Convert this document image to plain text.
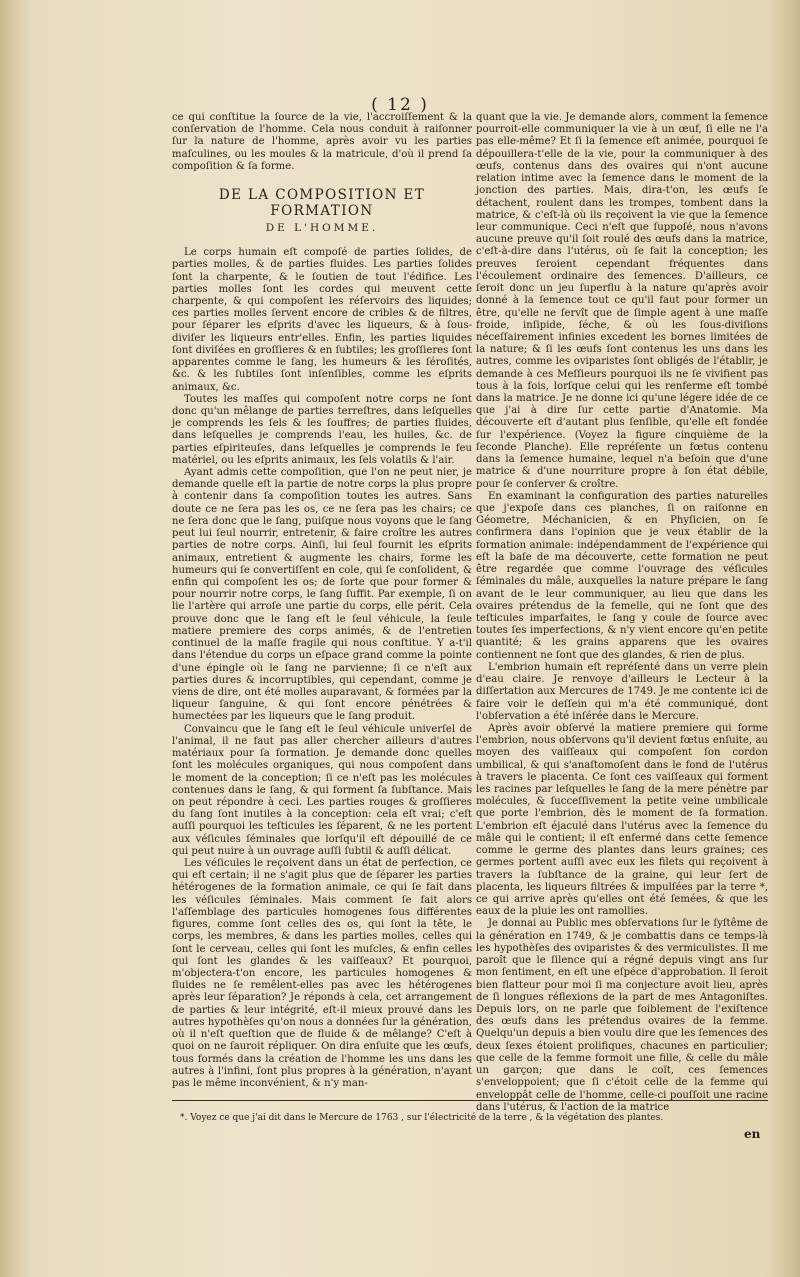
( 12 )

ce qui conſtitue la ſource de la vie, l'accroiſſement & la conſervation de l'homme. Cela nous conduit à raiſonner ſur la nature de l'homme, après avoir vu les parties maſculines, ou les moules & la matricule, d'où il prend ſa compoſition & ſa forme.

DE LA COMPOSITION ET FORMATION
DE L'HOMME.

Le corps humain eſt compoſé de parties ſolides, de parties molles, & de parties fluides. Les parties ſolides ſont la charpente, & le ſoutien de tout l'édifice. Les parties molles ſont les cordes qui meuvent cette charpente, & qui compoſent les réſervoirs des liquides; ces parties molles ſervent encore de cribles & de filtres, pour ſéparer les eſprits d'avec les liqueurs, & à ſous-diviſer les liqueurs entr'elles. Enfin, les parties liquides ſont diviſées en groſſieres & en ſubtiles; les groſſieres ſont apparentes comme le ſang, les humeurs & les ſéroſités, &c. & les ſubtiles ſont inſenſibles, comme les eſprits animaux, &c.

Toutes les maſſes qui compoſent notre corps ne ſont donc qu'un mêlange de parties terreſtres, dans leſquelles je comprends les ſels & les ſouffres; de parties fluides, dans leſquelles je comprends l'eau, les huiles, &c. de parties eſpiriteuſes, dans leſquelles je comprends le feu matériel, ou les eſprits animaux, les ſels volatils & l'air.

Ayant admis cette compoſition, que l'on ne peut nier, je demande quelle eſt la partie de notre corps la plus propre à contenir dans ſa compoſition toutes les autres. Sans doute ce ne ſera pas les os, ce ne ſera pas les chairs; ce ne ſera donc que le ſang, puiſque nous voyons que le ſang peut lui ſeul nourrir, entretenir, & faire croître les autres parties de notre corps. Ainſi, lui ſeul fournit les eſprits animaux, entretient & augmente les chairs, forme les humeurs qui ſe convertiſſent en cole, qui ſe conſolident, & enfin qui compoſent les os; de ſorte que pour former & pour nourrir notre corps, le ſang ſuffit. Par exemple, ſi on lie l'artère qui arroſe une partie du corps, elle périt. Cela prouve donc que le ſang eſt le ſeul véhicule, la ſeule matiere premiere des corps animés, & de l'entretien continuel de la maſſe fragile qui nous conſtitue. Y a-t'il dans l'étendue du corps un eſpace grand comme la pointe d'une épingle où le ſang ne parvienne; ſi ce n'eſt aux parties dures & incorruptibles, qui cependant, comme je viens de dire, ont été molles auparavant, & formées par la liqueur ſanguine, & qui ſont encore pénétrées & humectées par les liqueurs que le ſang produit.

Convaincu que le ſang eſt le ſeul véhicule univerſel de l'animal, il ne faut pas aller chercher ailleurs d'autres matériaux pour ſa formation. Je demande donc quelles ſont les molécules organiques, qui nous compoſent dans le moment de la conception; ſi ce n'eſt pas les molécules contenues dans le ſang, & qui forment ſa ſubſtance. Mais on peut répondre à ceci. Les parties rouges & groſſieres du ſang ſont inutiles à la conception: cela eſt vrai; c'eſt auſſi pourquoi les teſticules les ſéparent, & ne les portent aux véſicules ſéminales que lorſqu'il eſt dépouillé de ce qui peut nuire à un ouvrage auſſi ſubtil & auſſi délicat.

Les véſicules le reçoivent dans un état de perfection, ce qui eſt certain; il ne s'agit plus que de ſéparer les parties hétérogenes de la formation animale, ce qui ſe fait dans les véſicules ſéminales. Mais comment ſe fait alors l'aſſemblage des particules homogenes ſous différentes figures, comme ſont celles des os, qui ſont la tête, le corps, les membres, & dans les parties molles, celles qui ſont le cerveau, celles qui ſont les muſcles, & enfin celles qui ſont les glandes & les vaiſſeaux? Et pourquoi, m'objectera-t'on encore, les particules homogenes & fluides ne ſe remêlent-elles pas avec les hétérogenes après leur ſéparation? Je réponds à cela, cet arrangement de parties & leur intégrité, eſt-il mieux prouvé dans les autres hypothèſes qu'on nous a données ſur la génération, où il n'eſt queſtion que de fluide & de mêlange? C'eſt à quoi on ne ſauroit répliquer. On dira enſuite que les œufs, tous formés dans la création de l'homme les uns dans les autres à l'infini, ſont plus propres à la génération, n'ayant pas le même inconvénient, & n'y man-

quant que la vie. Je demande alors, comment la ſemence pourroit-elle communiquer la vie à un œuf, ſi elle ne l'a pas elle-même? Et ſi la ſemence eſt animée, pourquoi ſe dépouillera-t'elle de la vie, pour la communiquer à des œufs, contenus dans des ovaires qui n'ont aucune relation intime avec la ſemence dans le moment de la jonction des parties. Mais, dira-t'on, les œufs ſe détachent, roulent dans les trompes, tombent dans la matrice, & c'eſt-là où ils reçoivent la vie que la ſemence leur communique. Ceci n'eſt que ſuppoſé, nous n'avons aucune preuve qu'il ſoit roulé des œufs dans la matrice, c'eſt-à-dire dans l'utérus, où ſe fait la conception; les preuves ſeroient cependant fréquentes dans l'écoulement ordinaire des ſemences. D'ailleurs, ce ſeroit donc un jeu ſuperflu à la nature qu'après avoir donné à la ſemence tout ce qu'il faut pour former un être, qu'elle ne ſervît que de ſimple agent à une maſſe froide, inſipide, ſéche, & où les ſous-diviſions néceſſairement infinies excedent les bornes limitées de la nature; & ſi les œufs ſont contenus les uns dans les autres, comme les oviparistes ſont obligés de l'établir, je demande à ces Meſſieurs pourquoi ils ne ſe vivifient pas tous à la fois, lorſque celui qui les renferme eſt tombé dans la matrice. Je ne donne ici qu'une légere idée de ce que j'ai à dire ſur cette partie d'Anatomie. Ma découverte eſt d'autant plus ſenſible, qu'elle eſt fondée ſur l'expérience. (Voyez la figure cinquième de la ſeconde Planche). Elle repréſente un fœtus contenu dans la ſemence humaine, lequel n'a beſoin que d'une matrice & d'une nourriture propre à ſon état débile, pour ſe conſerver & croître.

En examinant la configuration des parties naturelles que j'expoſe dans ces planches, ſi on raiſonne en Géometre, Méchanicien, & en Phyſicien, on ſe confirmera dans l'opinion que je veux établir de la formation animale: indépendamment de l'expérience qui eſt la baſe de ma découverte, cette formation ne peut être regardée que comme l'ouvrage des véſicules ſéminales du mâle, auxquelles la nature prépare le ſang avant de le leur communiquer, au lieu que dans les ovaires prétendus de la femelle, qui ne ſont que des teſticules imparfaites, le ſang y coule de ſource avec toutes ſes imperfections, & n'y vient encore qu'en petite quantité; & les grains apparens que les ovaires contiennent ne ſont que des glandes, & rien de plus.

L'embrion humain eſt repréſenté dans un verre plein d'eau claire. Je renvoye d'ailleurs le Lecteur à la diſſertation aux Mercures de 1749. Je me contente ici de faire voir le deſſein qui m'a été communiqué, dont l'obſervation a été inſérée dans le Mercure.

Après avoir obſervé la matiere premiere qui forme l'embrion, nous obſervons qu'il devient fœtus enſuite, au moyen des vaiſſeaux qui compoſent ſon cordon umbilical, & qui s'anaſtomoſent dans le fond de l'utérus à travers le placenta. Ce ſont ces vaiſſeaux qui forment les racines par leſquelles le ſang de la mere pénètre par molécules, & ſucceſſivement la petite veine umbilicale que porte l'embrion, dès le moment de ſa formation. L'embrion eſt éjaculé dans l'utérus avec la ſemence du mâle qui le contient; il eſt enfermé dans cette ſemence comme le germe des plantes dans leurs graines; ces germes portent auſſi avec eux les filets qui reçoivent à travers la ſubſtance de la graine, qui leur ſert de placenta, les liqueurs filtrées & impulſées par la terre *, ce qui arrive après qu'elles ont été ſemées, & que les eaux de la pluie les ont ramollies.

Je donnai au Public mes obſervations ſur le ſyſtême de la génération en 1749, & je combattis dans ce temps-là les hypothèſes des oviparistes & des vermiculistes. Il me paroît que le ſilence qui a régné depuis vingt ans ſur mon ſentiment, en eſt une eſpéce d'approbation. Il ſeroit bien flatteur pour moi ſi ma conjecture avoit lieu, après de ſi longues réflexions de la part de mes Antagoniſtes. Depuis lors, on ne parle que foiblement de l'exiſtence des œufs dans les prétendus ovaires de la femme. Quelqu'un depuis a bien voulu dire que les ſemences des deux ſexes étoient prolifiques, chacunes en particulier; que celle de la femme formoit une fille, & celle du mâle un garçon; que dans le coït, ces ſemences s'enveloppoient; que ſi c'étoit celle de la femme qui enveloppât celle de l'homme, celle-ci pouſſoit une racine dans l'utérus, & l'action de la matrice

*. Voyez ce que j'ai dit dans le Mercure de 1763 , sur l'électricité de la terre , & la végétation des plantes.
en
